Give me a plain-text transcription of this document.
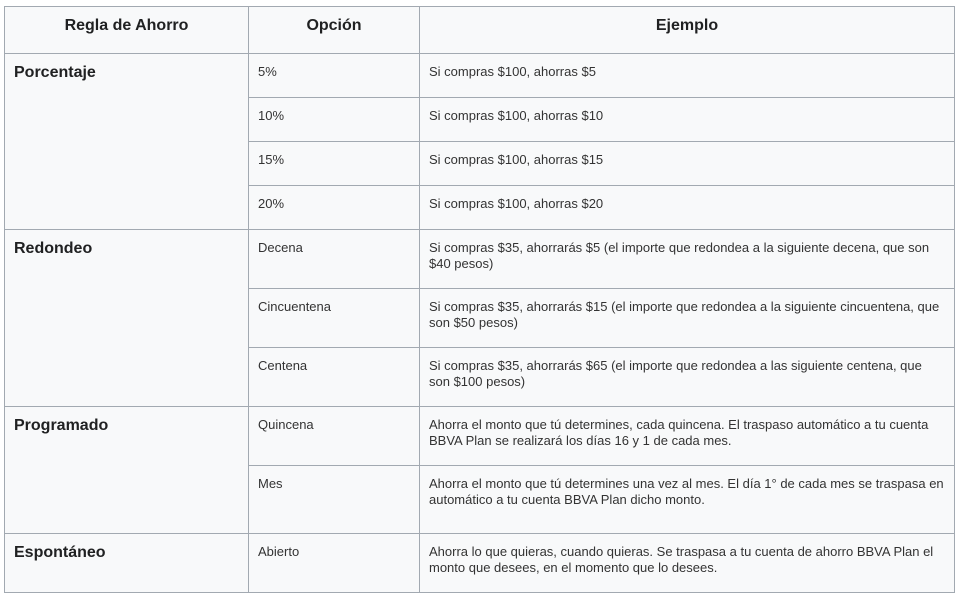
Regla de Ahorro	Opción	Ejemplo
Porcentaje	5%	Si compras $100, ahorras $5
	10%	Si compras $100, ahorras $10
	15%	Si compras $100, ahorras $15
	20%	Si compras $100, ahorras $20
Redondeo	Decena	Si compras $35, ahorrarás $5 (el importe que redondea a la siguiente decena, que son $40 pesos)
	Cincuentena	Si compras $35, ahorrarás $15 (el importe que redondea a la siguiente cincuentena, que son $50 pesos)
	Centena	Si compras $35, ahorrarás $65 (el importe que redondea a las siguiente centena, que son $100 pesos)
Programado	Quincena	Ahorra el monto que tú determines, cada quincena. El traspaso automático a tu cuenta BBVA Plan se realizará los días 16 y 1 de cada mes.
	Mes	Ahorra el monto que tú determines una vez al mes. El día 1° de cada mes se traspasa en automático a tu cuenta BBVA Plan dicho monto.
Espontáneo	Abierto	Ahorra lo que quieras, cuando quieras. Se traspasa a tu cuenta de ahorro BBVA Plan el monto que desees, en el momento que lo desees.
